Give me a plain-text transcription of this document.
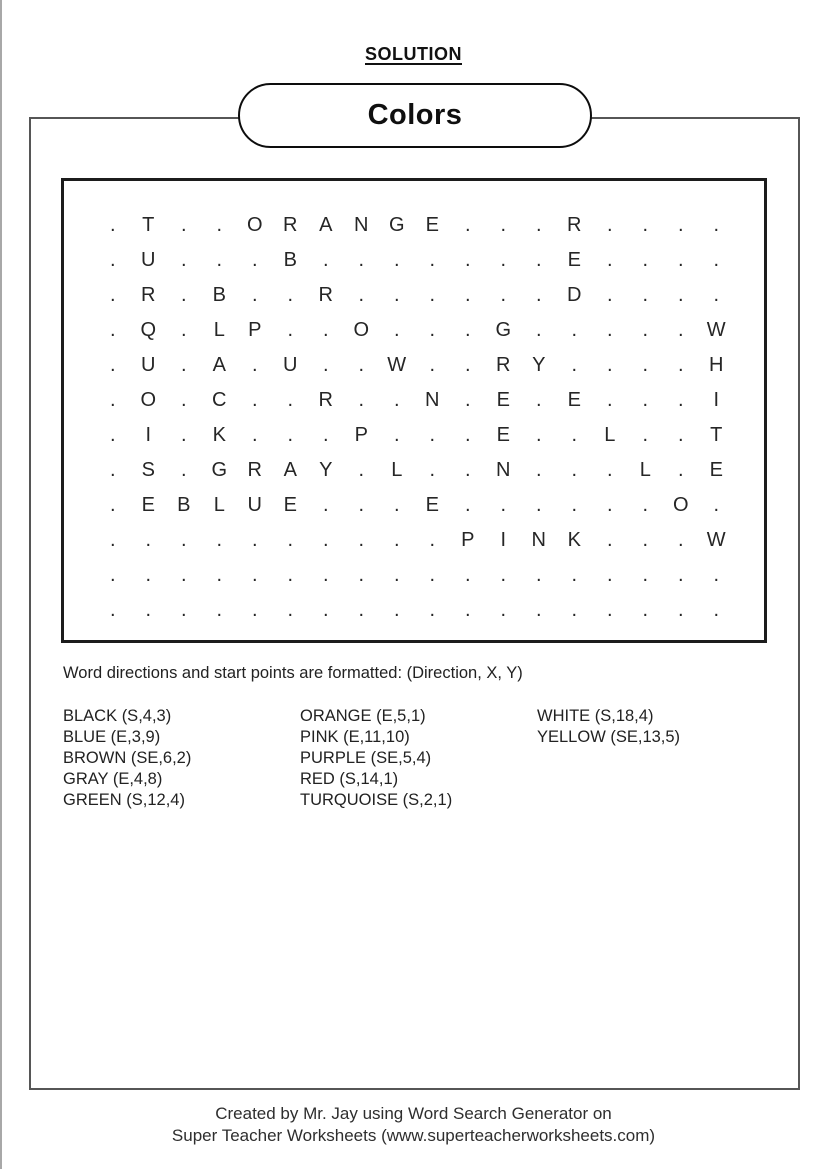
SOLUTION
Colors
.	T	.	.	O	R	A	N	G	E	.	.	.	R	.	.	.	.
.	U	.	.	.	B	.	.	.	.	.	.	.	E	.	.	.	.
.	R	.	B	.	.	R	.	.	.	.	.	.	D	.	.	.	.
.	Q	.	L	P	.	.	O	.	.	.	G	.	.	.	.	.	W
.	U	.	A	.	U	.	.	W	.	.	R	Y	.	.	.	.	H
.	O	.	C	.	.	R	.	.	N	.	E	.	E	.	.	.	I
.	I	.	K	.	.	.	P	.	.	.	E	.	.	L	.	.	T
.	S	.	G	R	A	Y	.	L	.	.	N	.	.	.	L	.	E
.	E	B	L	U	E	.	.	.	E	.	.	.	.	.	.	O	.
.	.	.	.	.	.	.	.	.	.	P	I	N	K	.	.	.	W
.	.	.	.	.	.	.	.	.	.	.	.	.	.	.	.	.	.
.	.	.	.	.	.	.	.	.	.	.	.	.	.	.	.	.	.

Word directions and start points are formatted: (Direction, X, Y)

BLACK (S,4,3)

BLUE (E,3,9)

BROWN (SE,6,2)

GRAY (E,4,8)

GREEN (S,12,4)

ORANGE (E,5,1)

PINK (E,11,10)

PURPLE (SE,5,4)

RED (S,14,1)

TURQUOISE (S,2,1)

WHITE (S,18,4)

YELLOW (SE,13,5)

Created by Mr. Jay using Word Search Generator on

Super Teacher Worksheets (www.superteacherworksheets.com)
